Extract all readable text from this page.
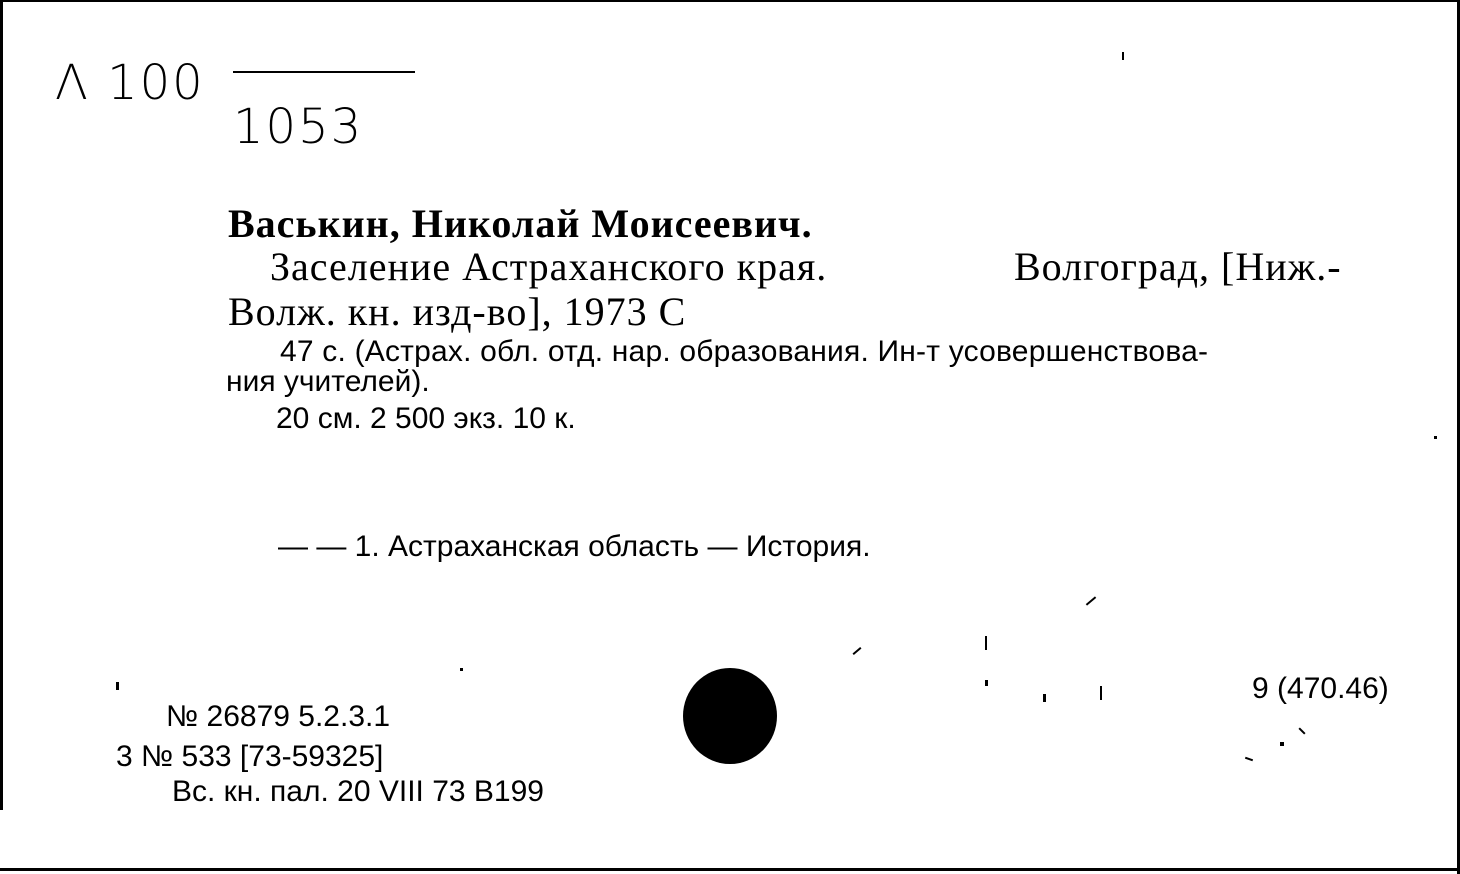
Λ 100
1053
Васькин, Николай Моисеевич.
Заселение Астраханского края.	Волгоград, [Ниж.-
Волж. кн. изд-во], 1973 С
47 с. (Астрах. обл. отд. нар. образования. Ин-т усовершенствова-
ния учителей).
20 см. 2 500 экз. 10 к.
— — 1. Астраханская область — История.
9 (470.46)
№ 26879 5.2.3.1
3 № 533 [73-59325]
Вс. кн. пал. 20 VIII 73 В199
